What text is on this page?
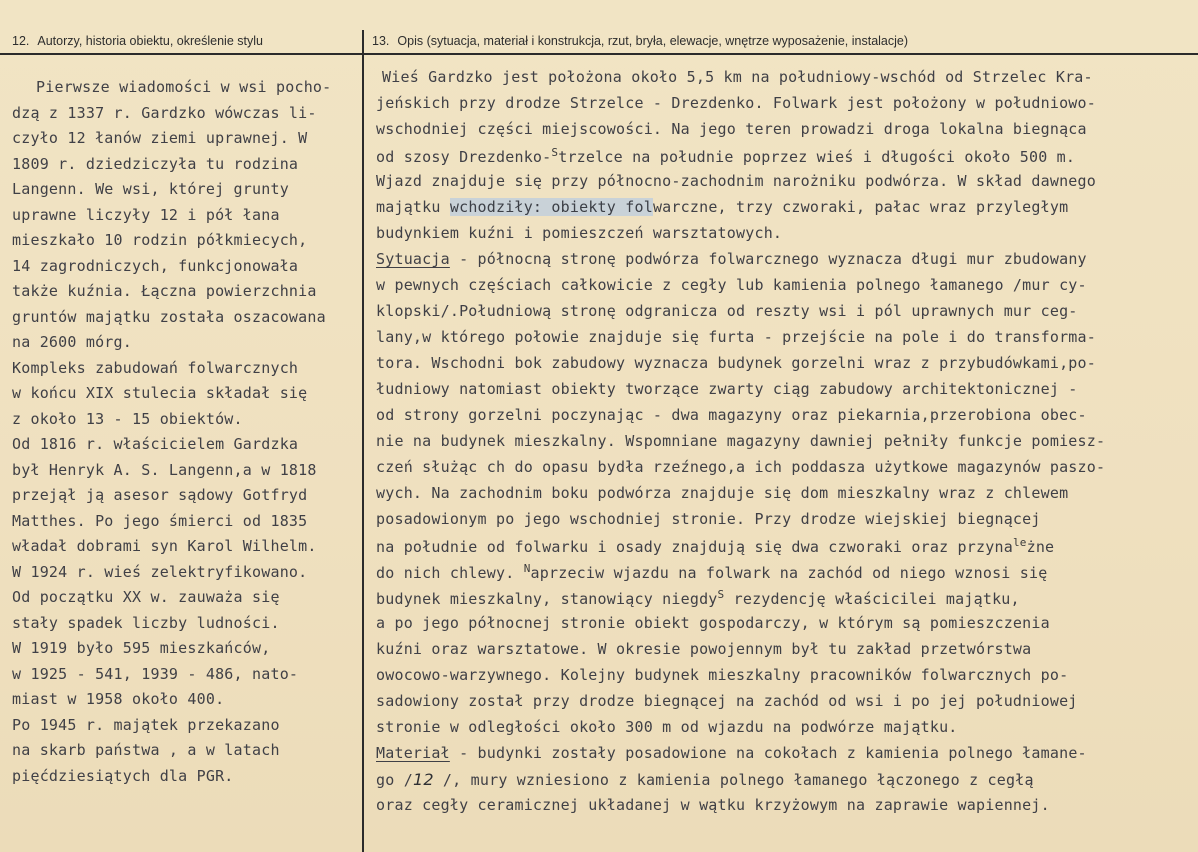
12. Autorzy, historia obiektu, określenie stylu	13. Opis (sytuacja, materiał i konstrukcja, rzut, bryła, elewacje, wnętrze wyposażenie, instalacje)
Pierwsze wiadomości w wsi pocho-
dzą z 1337 r. Gardzko wówczas li-
czyło 12 łanów ziemi uprawnej. W
1809 r. dziedziczyła tu rodzina
Langenn. We wsi, której grunty
uprawne liczyły 12 i pół łana
mieszkało 10 rodzin półkmiecych,
14 zagrodniczych, funkcjonowała
także kuźnia. Łączna powierzchnia
gruntów majątku została oszacowana
na 2600 mórg.
Kompleks zabudowań folwarcznych
w końcu XIX stulecia składał się
z około 13 - 15 obiektów.
Od 1816 r. właścicielem Gardzka
był Henryk A. S. Langenn,a w 1818
przejął ją asesor sądowy Gotfryd
Matthes. Po jego śmierci od 1835
władał dobrami syn Karol Wilhelm.
W 1924 r. wieś zelektryfikowano.
Od początku XX w. zauważa się
stały spadek liczby ludności.
W 1919 było 595 mieszkańców,
w 1925 - 541, 1939 - 486, nato-
miast w 1958 około 400.
Po 1945 r. majątek przekazano
na skarb państwa , a w latach
pięćdziesiątych dla PGR.
Wieś Gardzko jest położona około 5,5 km na południowy-wschód od Strzelec Kra-
jeńskich przy drodze Strzelce - Drezdenko. Folwark jest położony w południowo-
wschodniej części miejscowości. Na jego teren prowadzi droga lokalna biegnąca
od szosy Drezdenko-$^S$trzelce na południe poprzez wieś i długości około 500 m.
Wjazd znajduje się przy północno-zachodnim narożniku podwórza. W skład dawnego
majątku wchodziły: obiekty folwarczne, trzy czworaki, pałac wraz przyległym
budynkiem kuźni i pomieszczeń warsztatowych.
Sytuacja - północną stronę podwórza folwarcznego wyznacza długi mur zbudowany
w pewnych częściach całkowicie z cegły lub kamienia polnego łamanego /mur cy-
klopski/.Południową stronę odgranicza od reszty wsi i pól uprawnych mur ceg-
lany,w którego połowie znajduje się furta - przejście na pole i do transforma-
tora. Wschodni bok zabudowy wyznacza budynek gorzelni wraz z przybudówkami,po-
łudniowy natomiast obiekty tworzące zwarty ciąg zabudowy architektonicznej -
od strony gorzelni poczynając - dwa magazyny oraz piekarnia,przerobiona obec-
nie na budynek mieszkalny. Wspomniane magazyny dawniej pełniły funkcje pomiesz-
czeń służąc ch do opasu bydła rzeźnego,a ich poddasza użytkowe magazynów paszo-
wych. Na zachodnim boku podwórza znajduje się dom mieszkalny wraz z chlewem
posadowionym po jego wschodniej stronie. Przy drodze wiejskiej biegnącej
na południe od folwarku i osady znajdują się dwa czworaki oraz przyna$^{le}$żne
do nich chlewy. $^N$aprzeciw wjazdu na folwark na zachód od niego wznosi się
budynek mieszkalny, stanowiący niegdy$^S$ rezydencję właścicilei majątku,
a po jego północnej stronie obiekt gospodarczy, w którym są pomieszczenia
kuźni oraz warsztatowe. W okresie powojennym był tu zakład przetwórstwa
owocowo-warzywnego. Kolejny budynek mieszkalny pracowników folwarcznych po-
sadowiony został przy drodze biegnącej na zachód od wsi i po jej południowej
stronie w odległości około 300 m od wjazdu na podwórze majątku.
Materiał - budynki zostały posadowione na cokołach z kamienia polnego łamane-
go /12 /, mury wzniesiono z kamienia polnego łamanego łączonego z cegłą
oraz cegły ceramicznej układanej w wątku krzyżowym na zaprawie wapiennej.
